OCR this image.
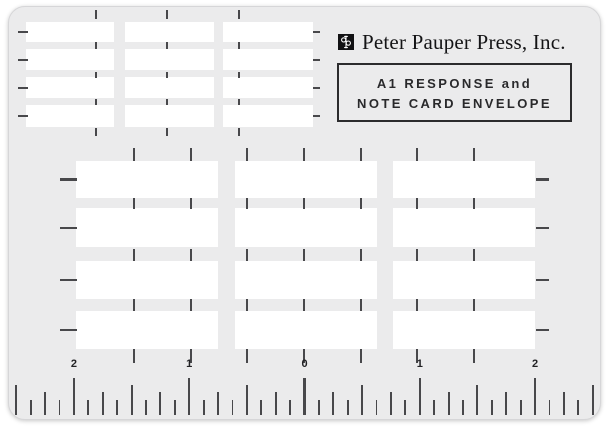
Peter Pauper Press, Inc.
A1 RESPONSE and
NOTE CARD ENVELOPE
2	1	0	1	2
